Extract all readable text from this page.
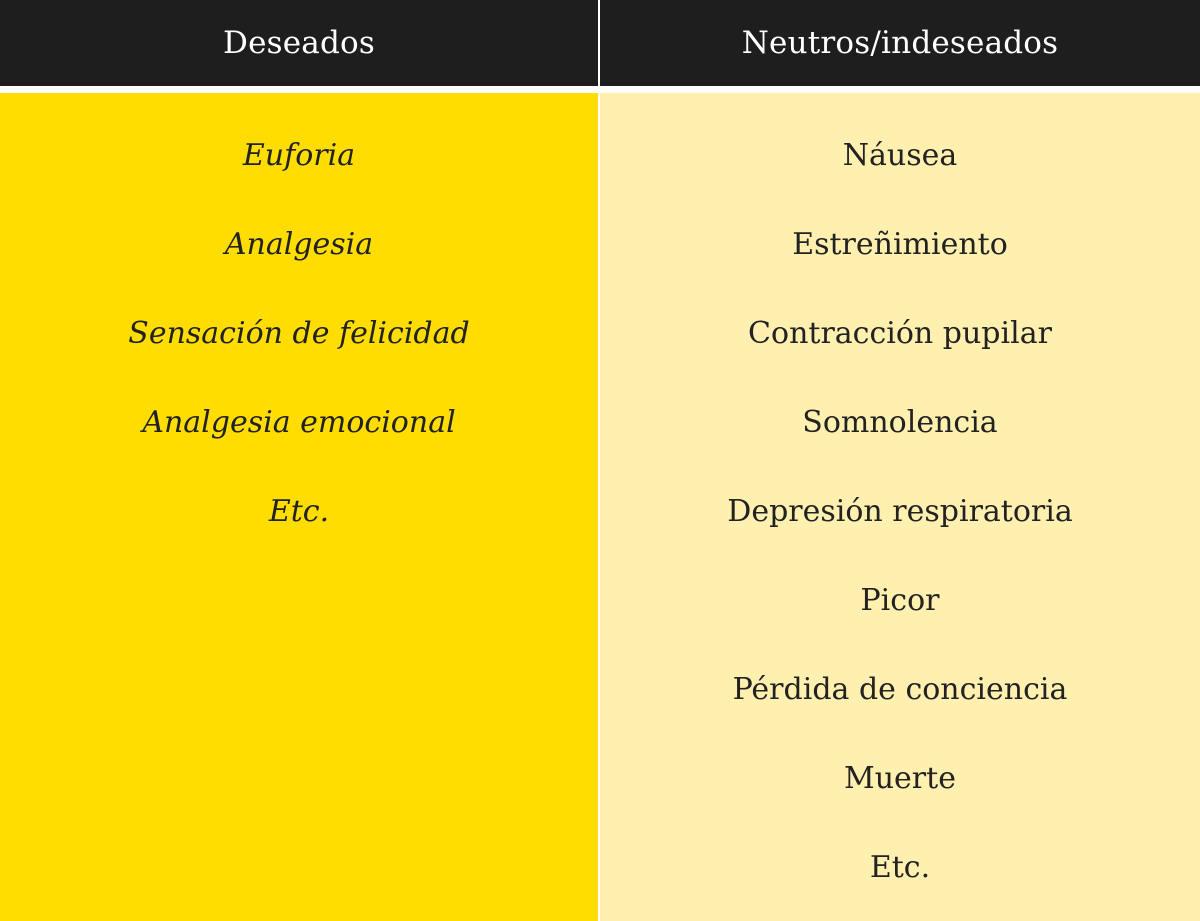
Deseados	Neutros/indeseados
Euforia
Analgesia
Sensación de felicidad
Analgesia emocional
Etc.
Náusea
Estreñimiento
Contracción pupilar
Somnolencia
Depresión respiratoria
Picor
Pérdida de conciencia
Muerte
Etc.
